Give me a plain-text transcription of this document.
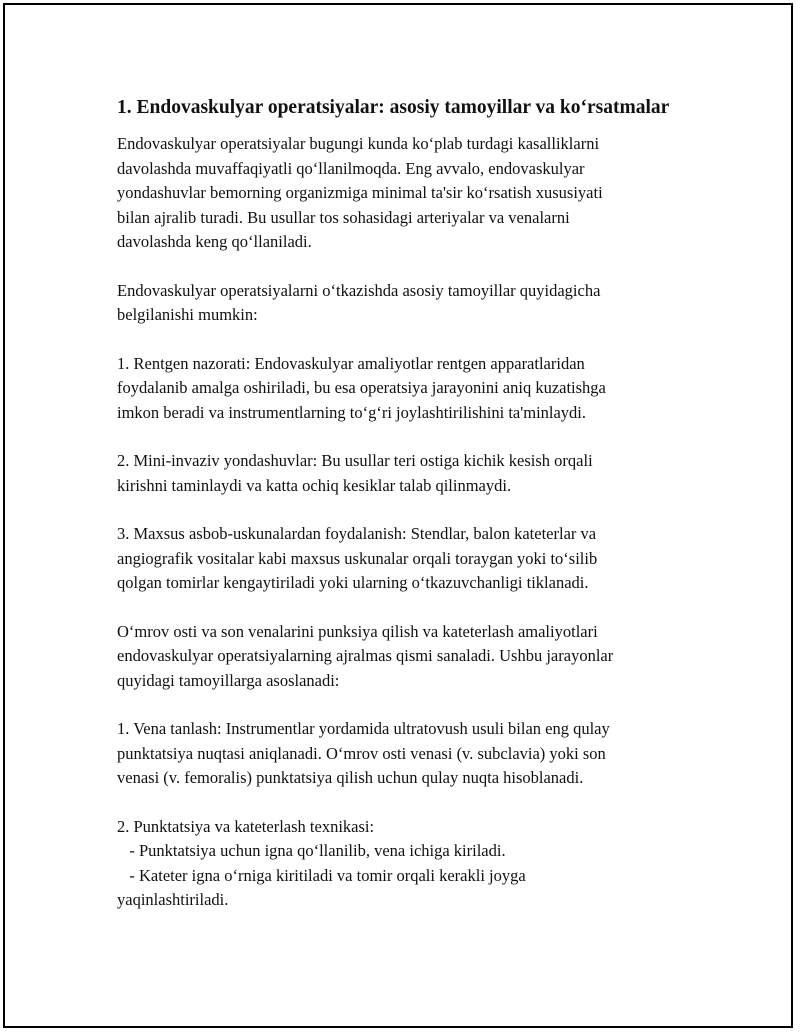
1. Endovaskulyar operatsiyalar: asosiy tamoyillar va ko‘rsatmalar

Endovaskulyar operatsiyalar bugungi kunda ko‘plab turdagi kasalliklarni
davolashda muvaffaqiyatli qo‘llanilmoqda. Eng avvalo, endovaskulyar
yondashuvlar bemorning organizmiga minimal ta'sir ko‘rsatish xususiyati
bilan ajralib turadi. Bu usullar tos sohasidagi arteriyalar va venalarni
davolashda keng qo‘llaniladi.

Endovaskulyar operatsiyalarni o‘tkazishda asosiy tamoyillar quyidagicha
belgilanishi mumkin:

1. Rentgen nazorati: Endovaskulyar amaliyotlar rentgen apparatlaridan
foydalanib amalga oshiriladi, bu esa operatsiya jarayonini aniq kuzatishga
imkon beradi va instrumentlarning to‘g‘ri joylashtirilishini ta'minlaydi.

2. Mini-invaziv yondashuvlar: Bu usullar teri ostiga kichik kesish orqali
kirishni taminlaydi va katta ochiq kesiklar talab qilinmaydi.

3. Maxsus asbob-uskunalardan foydalanish: Stendlar, balon kateterlar va
angiografik vositalar kabi maxsus uskunalar orqali toraygan yoki to‘silib
qolgan tomirlar kengaytiriladi yoki ularning o‘tkazuvchanligi tiklanadi.

O‘mrov osti va son venalarini punksiya qilish va kateterlash amaliyotlari
endovaskulyar operatsiyalarning ajralmas qismi sanaladi. Ushbu jarayonlar
quyidagi tamoyillarga asoslanadi:

1. Vena tanlash: Instrumentlar yordamida ultratovush usuli bilan eng qulay
punktatsiya nuqtasi aniqlanadi. O‘mrov osti venasi (v. subclavia) yoki son
venasi (v. femoralis) punktatsiya qilish uchun qulay nuqta hisoblanadi.

2. Punktatsiya va kateterlash texnikasi:
- Punktatsiya uchun igna qo‘llanilib, vena ichiga kiriladi.
- Kateter igna o‘rniga kiritiladi va tomir orqali kerakli joyga
yaqinlashtiriladi.
